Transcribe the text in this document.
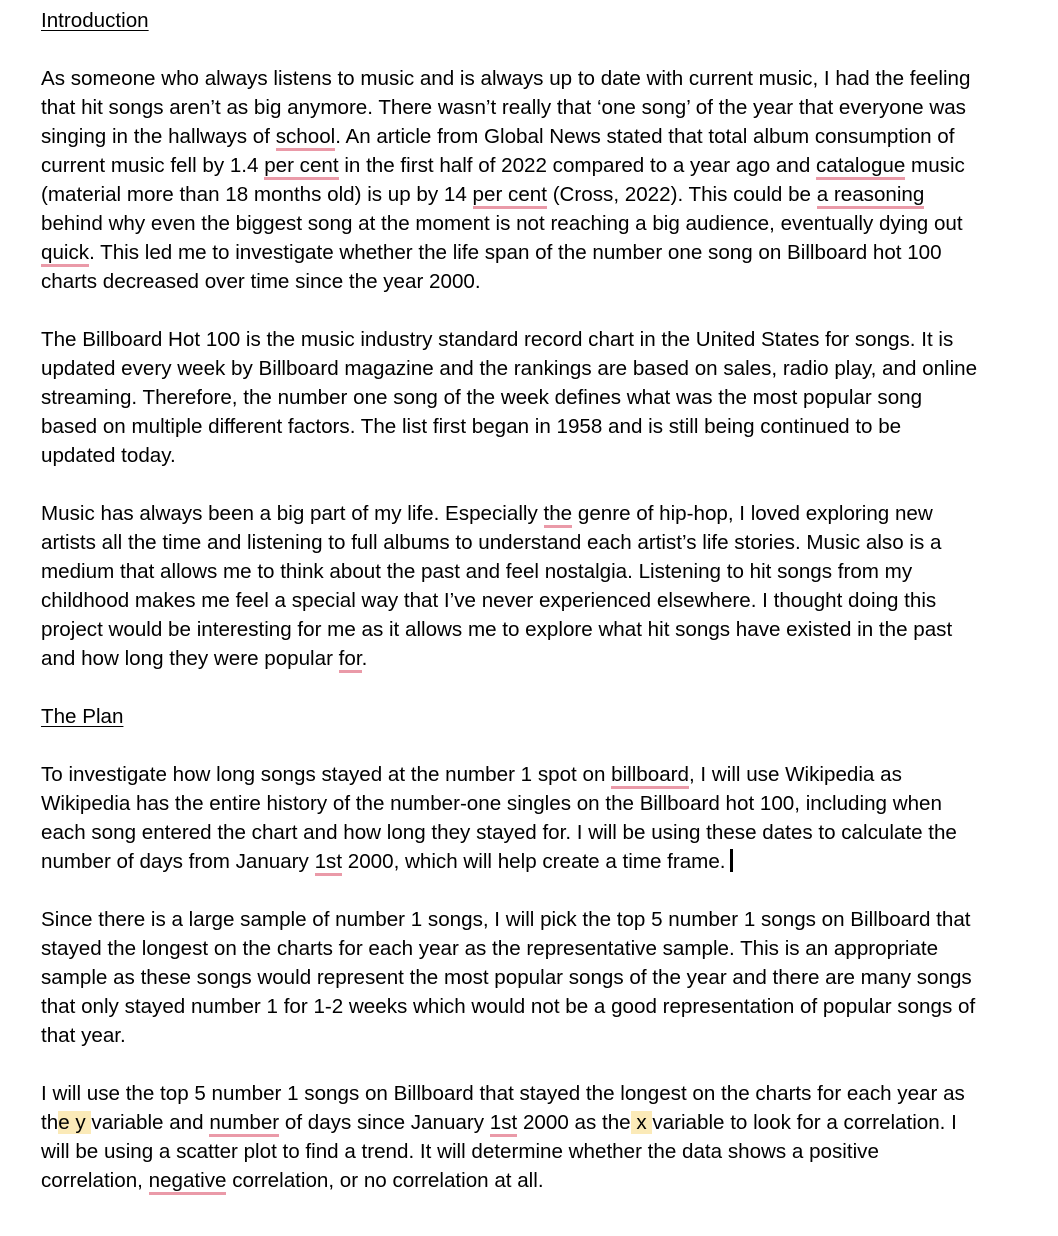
Introduction

As someone who always listens to music and is always up to date with current music, I had the feeling that hit songs aren’t as big anymore. There wasn’t really that ‘one song’ of the year that everyone was singing in the hallways of school. An article from Global News stated that total album consumption of current music fell by 1.4 per cent in the first half of 2022 compared to a year ago and catalogue music (material more than 18 months old) is up by 14 per cent (Cross, 2022). This could be a reasoning behind why even the biggest song at the moment is not reaching a big audience, eventually dying out quick. This led me to investigate whether the life span of the number one song on Billboard hot 100 charts decreased over time since the year 2000.

The Billboard Hot 100 is the music industry standard record chart in the United States for songs. It is updated every week by Billboard magazine and the rankings are based on sales, radio play, and online streaming. Therefore, the number one song of the week defines what was the most popular song based on multiple different factors. The list first began in 1958 and is still being continued to be updated today.

Music has always been a big part of my life. Especially the genre of hip-hop, I loved exploring new artists all the time and listening to full albums to understand each artist’s life stories. Music also is a medium that allows me to think about the past and feel nostalgia. Listening to hit songs from my childhood makes me feel a special way that I’ve never experienced elsewhere. I thought doing this project would be interesting for me as it allows me to explore what hit songs have existed in the past and how long they were popular for.

The Plan

To investigate how long songs stayed at the number 1 spot on billboard, I will use Wikipedia as Wikipedia has the entire history of the number-one singles on the Billboard hot 100, including when each song entered the chart and how long they stayed for. I will be using these dates to calculate the number of days from January 1st 2000, which will help create a time frame.

Since there is a large sample of number 1 songs, I will pick the top 5 number 1 songs on Billboard that stayed the longest on the charts for each year as the representative sample. This is an appropriate sample as these songs would represent the most popular songs of the year and there are many songs that only stayed number 1 for 1-2 weeks which would not be a good representation of popular songs of that year.

I will use the top 5 number 1 songs on Billboard that stayed the longest on the charts for each year as the y variable and number of days since January 1st 2000 as the x variable to look for a correlation. I will be using a scatter plot to find a trend. It will determine whether the data shows a positive correlation, negative correlation, or no correlation at all.
